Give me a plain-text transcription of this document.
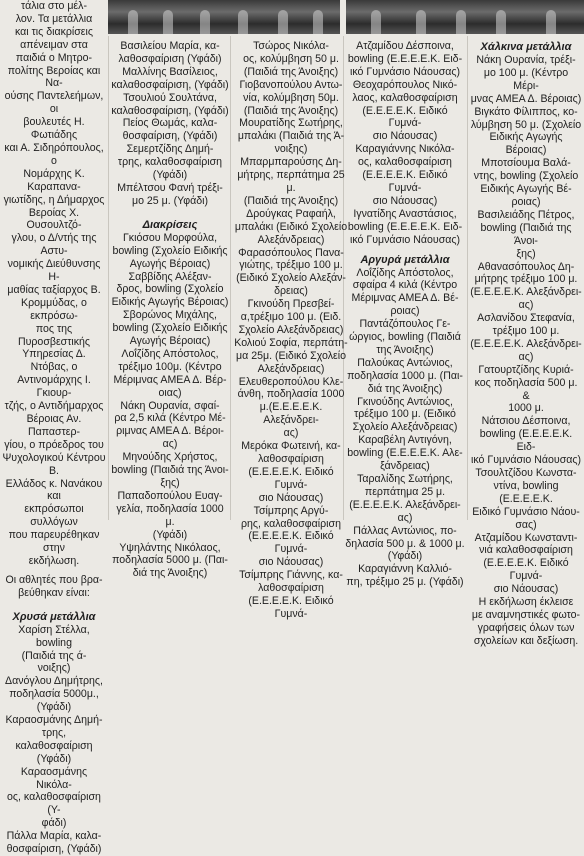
τάλια στο μέλ-
λον. Τα μετάλλια
και τις διακρίσεις
απένειμαν στα
παιδιά ο Μητρο-
πολίτης Βεροίας και Να-
ούσης Παντελεήμων, οι
βουλευτές Η. Φωτιάδης
και Α. Σιδηρόπουλος, ο
Νομάρχης Κ. Καραπανα-
γιωτίδης, η Δήμαρχος
Βεροίας Χ. Ουσουλτζό-
γλου, ο Δ/ντής της Αστυ-
νομικής Διεύθυνσης Η-
μαθίας ταξίαρχος Β.
Κρομμύδας, ο εκπρόσω-
πος της Πυροσβεστικής
Υπηρεσίας Δ. Ντόβας, ο
Αντινομάρχης Ι. Γκιουρ-
τζής, ο Αντιδήμαρχος
Βέροιας Αν. Παπαστερ-
γίου, ο πρόεδρος του
Ψυχολογικού Κέντρου Β.
Ελλάδος κ. Νανάκου και
εκπρόσωποι συλλόγων
που παρευρέθηκαν στην
εκδήλωση.

Οι αθλητές που βρα-
βεύθηκαν είναι:

Χρυσά μετάλλια

Χαρίση Στέλλα, bowling
(Παιδιά της ά-
νοιξης)

Δανόγλου Δημήτρης,
ποδηλασία 5000μ., (Υφάδι)

Καραοσμάνης Δημή-
τρης, καλαθοσφαίριση
(Υφάδι)

Καραοσμάνης Νικόλα-
ος, καλαθοσφαίριση (Υ-
φάδι)

Πάλλα Μαρία, καλα-
θοσφαίριση, (Υφάδι)

Βασιλείου Μαρία, κα-
λαθοσφαίριση (Υφάδι)

Μαλλίνης Βασίλειος,
καλαθοσφαίριση, (Υφάδι)

Τσουλιού Σουλτάνα,
καλαθοσφαίριση, (Υφάδι)

Πείος Θωμάς, καλα-
θοσφαίριση, (Υφάδι)

Σεμερτζίδης Δημή-
τρης, καλαθοσφαίριση
(Υφάδι)

Μπέλτσου Φανή τρέξι-
μο 25 μ. (Υφάδι)

Διακρίσεις

Γκιόσου Μορφούλα,
bowling (Σχολείο Ειδικής
Αγωγής Βέροιας)

Σαββίδης Αλέξαν-
δρος, bowling (Σχολείο
Ειδικής Αγωγής Βέροιας)

Σβορώνος Μιχάλης,
bowling (Σχολείο Ειδικής
Αγωγής Βέροιας)

Λοΐζίδης Απόστολος,
τρέξιμο 100μ. (Κέντρο
Μέριμνας ΑΜΕΑ Δ. Βέρ-
οιας)

Νάκη Ουρανία, σφαί-
ρα 2,5 κιλά (Κέντρο Μέ-
ριμνας ΑΜΕΑ Δ. Βέροι-
ας)

Μηνούδης Χρήστος,
bowling (Παιδιά της Άνοι-
ξης)

Παπαδοπούλου Ευαγ-
γελία, ποδηλασία 1000 μ.
(Υφάδι)

Υψηλάντης Νικόλαος,
ποδηλασία 5000 μ. (Παι-
διά της Άνοιξης)

Τσώρος Νικόλα-
ος, κολύμβηση 50 μ.
(Παιδιά της Άνοιξης)

Γιοβανοπούλου Αντω-
νία, κολύμβηση 50μ.
(Παιδιά της Άνοιξης)

Μουρατίδης Σωτήρης,
μπαλάκι (Παιδιά της Ά-
νοιξης)

Μπαρμπαρούσης Δη-
μήτρης, περπάτημα 25 μ.
(Παιδιά της Άνοιξης)

Δρούγκας Ραφαήλ,
μπαλάκι (Ειδικό Σχολείο
Αλεξάνδρειας)

Φαρασόπουλος Πανα-
γιώτης, τρέξιμο 100 μ.
(Ειδικό Σχολείο Αλεξάν-
δρειας)

Γκινούδη Πρεσβεί-
α,τρέξιμο 100 μ. (Ειδ.
Σχολείο Αλεξάνδρειας)

Κολιού Σοφία, περπάτη-
μα 25μ. (Ειδικό Σχολείο
Αλεξάνδρειας)

Ελευθεροπούλου Κλε-
άνθη, ποδηλασία 1000
μ.(Ε.Ε.Ε.Ε.Κ. Αλεξάνδρει-
ας)

Μερόκα Φωτεινή, κα-
λαθοσφαίριση
(Ε.Ε.Ε.Ε.Κ. Ειδικό Γυμνά-
σιο Νάουσας)

Τσίμπρης Αργύ-
ρης, καλαθοσφαίριση
(Ε.Ε.Ε.Ε.Κ. Ειδικό Γυμνά-
σιο Νάουσας)

Τσίμπρης Γιάννης, κα-
λαθοσφαίριση
(Ε.Ε.Ε.Ε.Κ. Ειδικό Γυμνά-

Ατζαμίδου Δέσποινα,
bowling (Ε.Ε.Ε.Ε.Κ. Ειδ-
ικό Γυμνάσιο Νάουσας)

Θεοχαρόπουλος Νικό-
λαος, καλαθοσφαίριση
(Ε.Ε.Ε.Ε.Κ. Ειδικό Γυμνά-
σιο Νάουσας)

Καραγιάννης Νικόλα-
ος, καλαθοσφαίριση
(Ε.Ε.Ε.Ε.Κ. Ειδικό Γυμνά-
σιο Νάουσας)

Ιγνατίδης Αναστάσιος,
bowling (Ε.Ε.Ε.Ε.Κ. Ειδ-
ικό Γυμνάσιο Νάουσας)

Αργυρά μετάλλια

Λοΐζίδης Απόστολος,
σφαίρα 4 κιλά (Κέντρο
Μέριμνας ΑΜΕΑ Δ. Βέ-
ροιας)

Παντάζόπουλος Γε-
ώργιος, bowling (Παιδιά
της Άνοιξης)

Παλούκας Αντώνιος,
ποδηλασία 1000 μ. (Παι-
διά της Άνοιξης)

Γκινούδης Αντώνιος,
τρέξιμο 100 μ. (Ειδικό
Σχολείο Αλεξάνδρειας)

Καραβέλη Αντιγόνη,
bowling (Ε.Ε.Ε.Ε.Κ. Αλε-
ξάνδρειας)

Ταραλίδης Σωτήρης,
περπάτημα 25 μ.
(Ε.Ε.Ε.Ε.Κ. Αλεξάνδρει-
ας)

Πάλλας Αντώνιος, πο-
δηλασία 500 μ. & 1000 μ.
(Υφάδι)

Καραγιάννη Καλλιό-
πη, τρέξιμο 25 μ. (Υφάδι)

Χάλκινα μετάλλια

Νάκη Ουρανία, τρέξι-
μο 100 μ. (Κέντρο Μέρι-
μνας ΑΜΕΑ Δ. Βέροιας)

Βιγκάτο Φίλιππος, κο-
λύμβηση 50 μ. (Σχολείο
Ειδικής Αγωγής Βέροιας)

Μποτσίουμα Βαλά-
ντης, bowling (Σχολείο
Ειδικής Αγωγής Βέ-
ροιας)

Βασιλειάδης Πέτρος,
bowling (Παιδιά της Άνοι-
ξης)

Αθανασόπουλος Δη-
μήτρης τρέξιμο 100 μ.
(Ε.Ε.Ε.Ε.Κ. Αλεξάνδρει-
ας)

Ασλανίδου Στεφανία,
τρέξιμο 100 μ.
(Ε.Ε.Ε.Ε.Κ. Αλεξάνδρει-
ας)

Γατουρτζίδης Κυριά-
κος ποδηλασία 500 μ. &
1000 μ.

Νάτσιου Δέσποινα,
bowling (Ε.Ε.Ε.Ε.Κ. Ειδ-
ικό Γυμνάσιο Νάουσας)

Τσουλτζίδου Κωνστα-
ντίνα, bowling (Ε.Ε.Ε.Ε.Κ.
Ειδικό Γυμνάσιο Νάου-
σας)

Ατζαμίδου Κωνσταντι-
νιά καλαθοσφαίριση
(Ε.Ε.Ε.Ε.Κ. Ειδικό Γυμνά-
σιο Νάουσας)

Η εκδήλωση έκλεισε
με αναμνηστικές φωτο-
γραφήσεις όλων των
σχολείων και δεξίωση.
